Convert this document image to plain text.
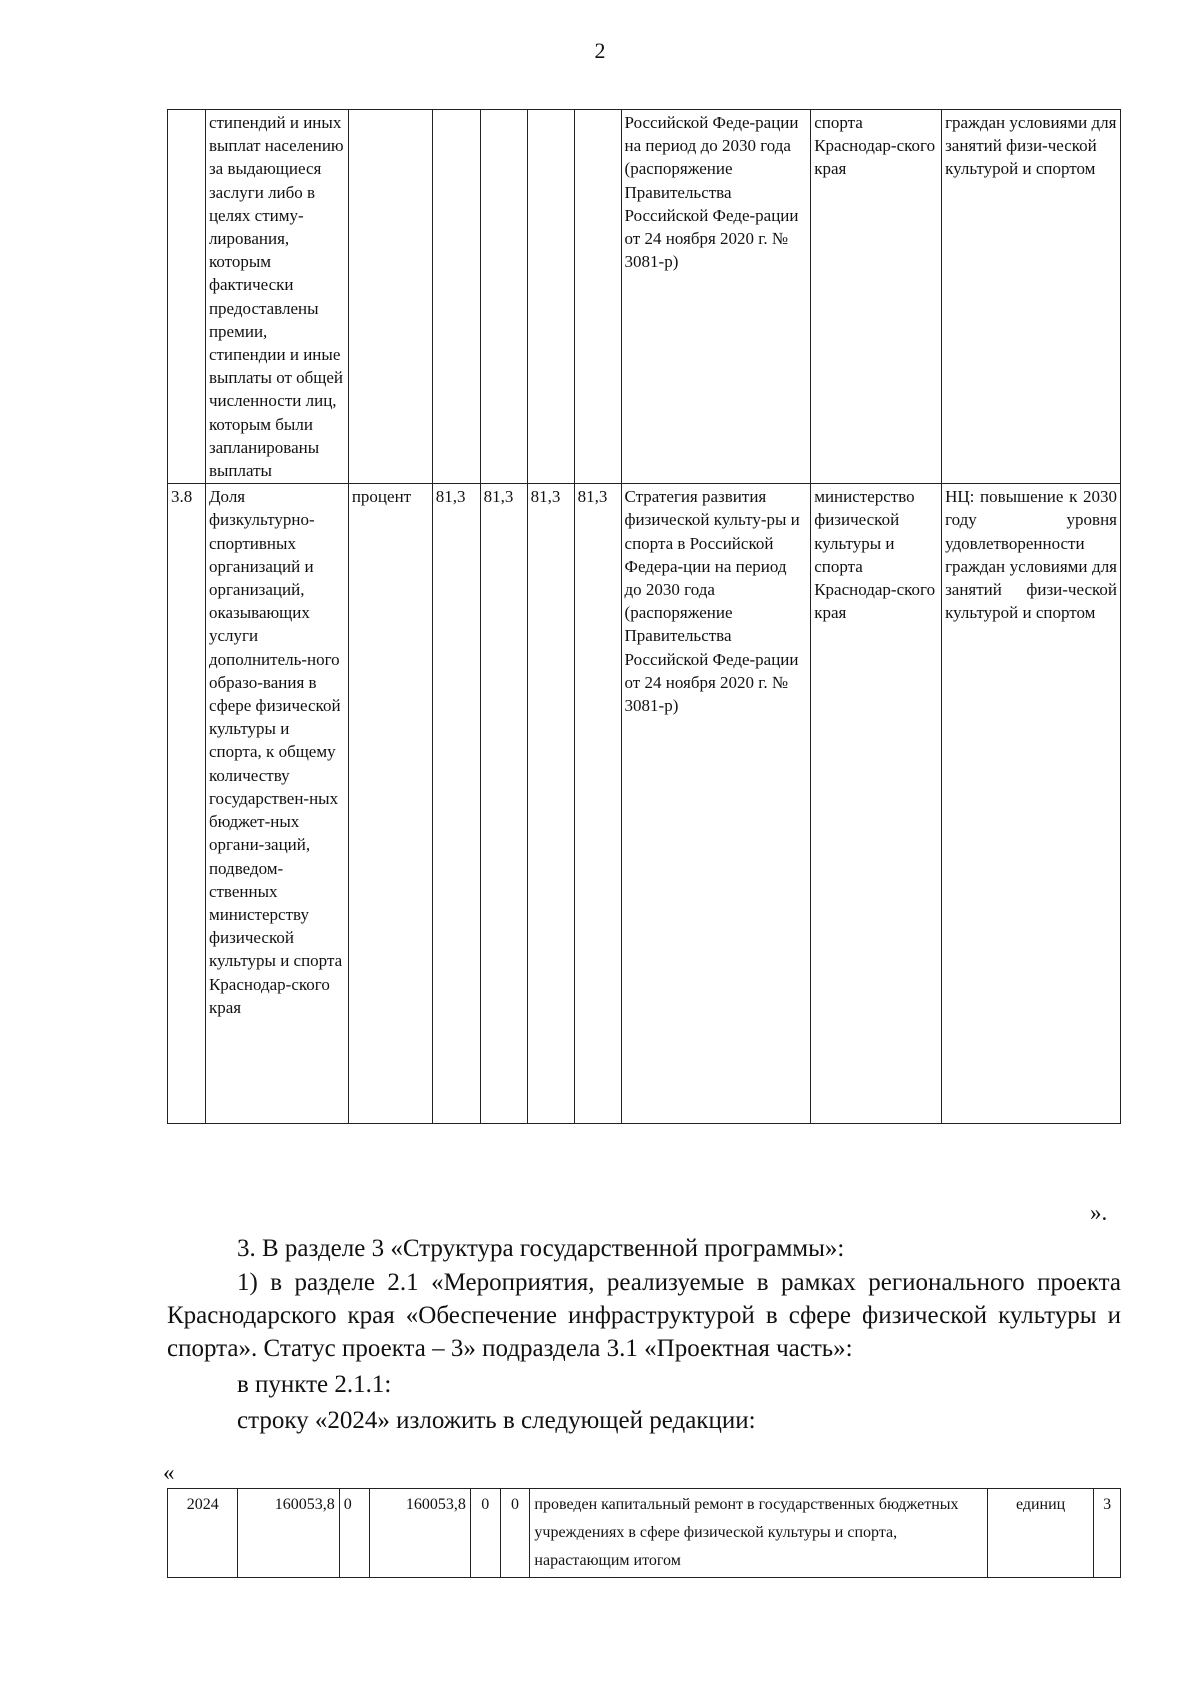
2
	стипендий и иных выплат населению за выдающиеся заслуги либо в целях стиму-лирования, которым фактически предоставлены премии, стипендии и иные выплаты от общей численности лиц, которым были запланированы выплаты						Российской Феде-рации на период до 2030 года (распоряжение Правительства Российской Феде-рации от 24 ноября 2020 г. № 3081-р)	спорта Краснодар-ского края	граждан условиями для занятий физи-ческой культурой и спортом
3.8	Доля физкультурно-спортивных организаций и организаций, оказывающих услуги дополнитель-ного образо-вания в сфере физической культуры и спорта, к общему количеству государствен-ных бюджет-ных органи-заций, подведом-ственных министерству физической культуры и спорта Краснодар-ского края	процент	81,3	81,3	81,3	81,3	Стратегия развития физической культу-ры и спорта в Российской Федера-ции на период до 2030 года (распоряжение Правительства Российской Феде-рации от 24 ноября 2020 г. № 3081-р)	министерство физической культуры и спорта Краснодар-ского края	НЦ: повышение к 2030 году уровня удовлетворенности граждан условиями для занятий физи-ческой культурой и спортом
».
3. В разделе 3 «Структура государственной программы»:
1) в разделе 2.1 «Мероприятия, реализуемые в рамках регионального проекта Краснодарского края «Обеспечение инфраструктурой в сфере физической культуры и спорта». Статус проекта – 3» подраздела 3.1 «Проектная часть»:
в пункте 2.1.1:
строку «2024» изложить в следующей редакции:
«
2024	160053,8	0	160053,8	0	0	проведен капитальный ремонт в государственных бюджетных учреждениях в сфере физической культуры и спорта, нарастающим итогом	единиц	3
